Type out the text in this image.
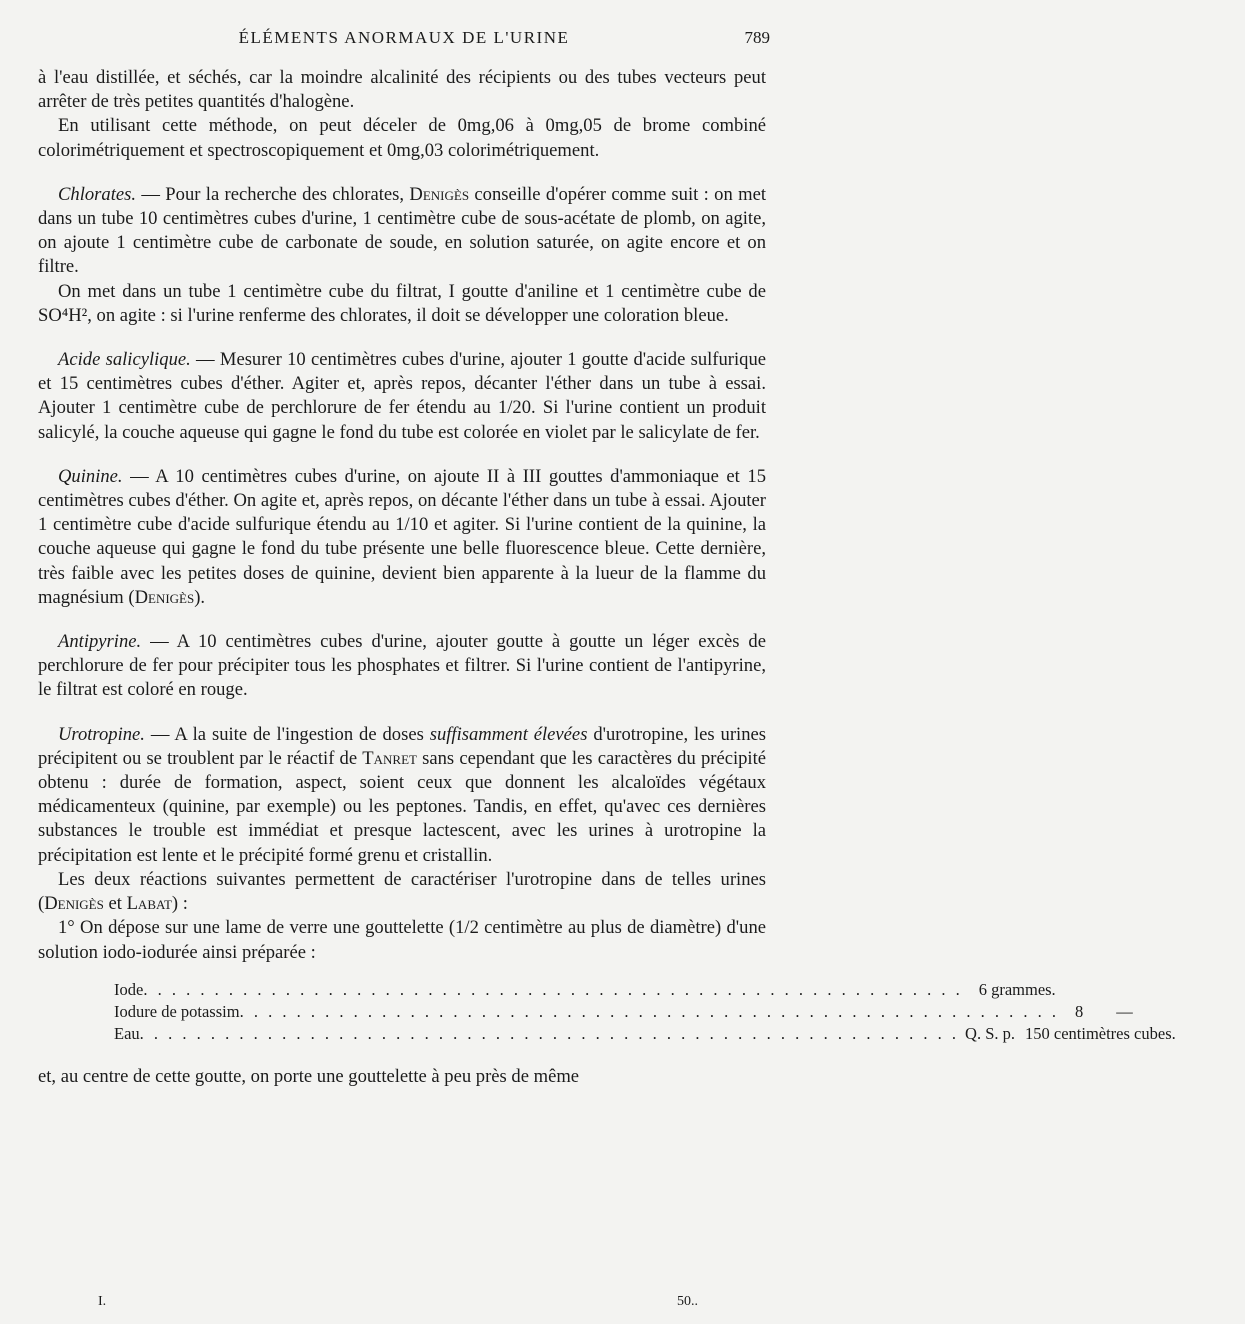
ÉLÉMENTS ANORMAUX DE L'URINE	789

à l'eau distillée, et séchés, car la moindre alcalinité des récipients ou des tubes vecteurs peut arrêter de très petites quantités d'halogène.

En utilisant cette méthode, on peut déceler de 0mg,06 à 0mg,05 de brome combiné colorimétriquement et spectroscopiquement et 0mg,03 colorimétriquement.

Chlorates. — Pour la recherche des chlorates, Denigès conseille d'opérer comme suit : on met dans un tube 10 centimètres cubes d'urine, 1 centimètre cube de sous-acétate de plomb, on agite, on ajoute 1 centimètre cube de carbonate de soude, en solution saturée, on agite encore et on filtre.

On met dans un tube 1 centimètre cube du filtrat, I goutte d'aniline et 1 centimètre cube de SO⁴H², on agite : si l'urine renferme des chlorates, il doit se développer une coloration bleue.

Acide salicylique. — Mesurer 10 centimètres cubes d'urine, ajouter 1 goutte d'acide sulfurique et 15 centimètres cubes d'éther. Agiter et, après repos, décanter l'éther dans un tube à essai. Ajouter 1 centimètre cube de perchlorure de fer étendu au 1/20. Si l'urine contient un produit salicylé, la couche aqueuse qui gagne le fond du tube est colorée en violet par le salicylate de fer.

Quinine. — A 10 centimètres cubes d'urine, on ajoute II à III gouttes d'ammoniaque et 15 centimètres cubes d'éther. On agite et, après repos, on décante l'éther dans un tube à essai. Ajouter 1 centimètre cube d'acide sulfurique étendu au 1/10 et agiter. Si l'urine contient de la quinine, la couche aqueuse qui gagne le fond du tube présente une belle fluorescence bleue. Cette dernière, très faible avec les petites doses de quinine, devient bien apparente à la lueur de la flamme du magnésium (Denigès).

Antipyrine. — A 10 centimètres cubes d'urine, ajouter goutte à goutte un léger excès de perchlorure de fer pour précipiter tous les phosphates et filtrer. Si l'urine contient de l'antipyrine, le filtrat est coloré en rouge.

Urotropine. — A la suite de l'ingestion de doses suffisamment élevées d'urotropine, les urines précipitent ou se troublent par le réactif de Tanret sans cependant que les caractères du précipité obtenu : durée de formation, aspect, soient ceux que donnent les alcaloïdes végétaux médicamenteux (quinine, par exemple) ou les peptones. Tandis, en effet, qu'avec ces dernières substances le trouble est immédiat et presque lactescent, avec les urines à urotropine la précipitation est lente et le précipité formé grenu et cristallin.

Les deux réactions suivantes permettent de caractériser l'urotropine dans de telles urines (Denigès et Labat) :

1° On dépose sur une lame de verre une gouttelette (1/2 centimètre au plus de diamètre) d'une solution iodo-iodurée ainsi préparée :

Iode . . . . . . . . . . . . . . . . . . . . . . . . . . . . . . . . . . . . . . . . . . . . . . . . . . . . . . . . . . 6 grammes.
Iodure de potassim . . . . . . . . . . . . . . . . . . . . . . . . . . . . . . . . . . . . . . . . . . . . . . . . . . . . . . . . . . 8        —
Eau . . . . . . . . . . . . . . . . . . . . . . . . . . . . . . . . . . . . . . . . . . . . . . . . . . . . . . . . . . Q. S. p. 150 centimètres cubes.

et, au centre de cette goutte, on porte une gouttelette à peu près de même

I.	50..
